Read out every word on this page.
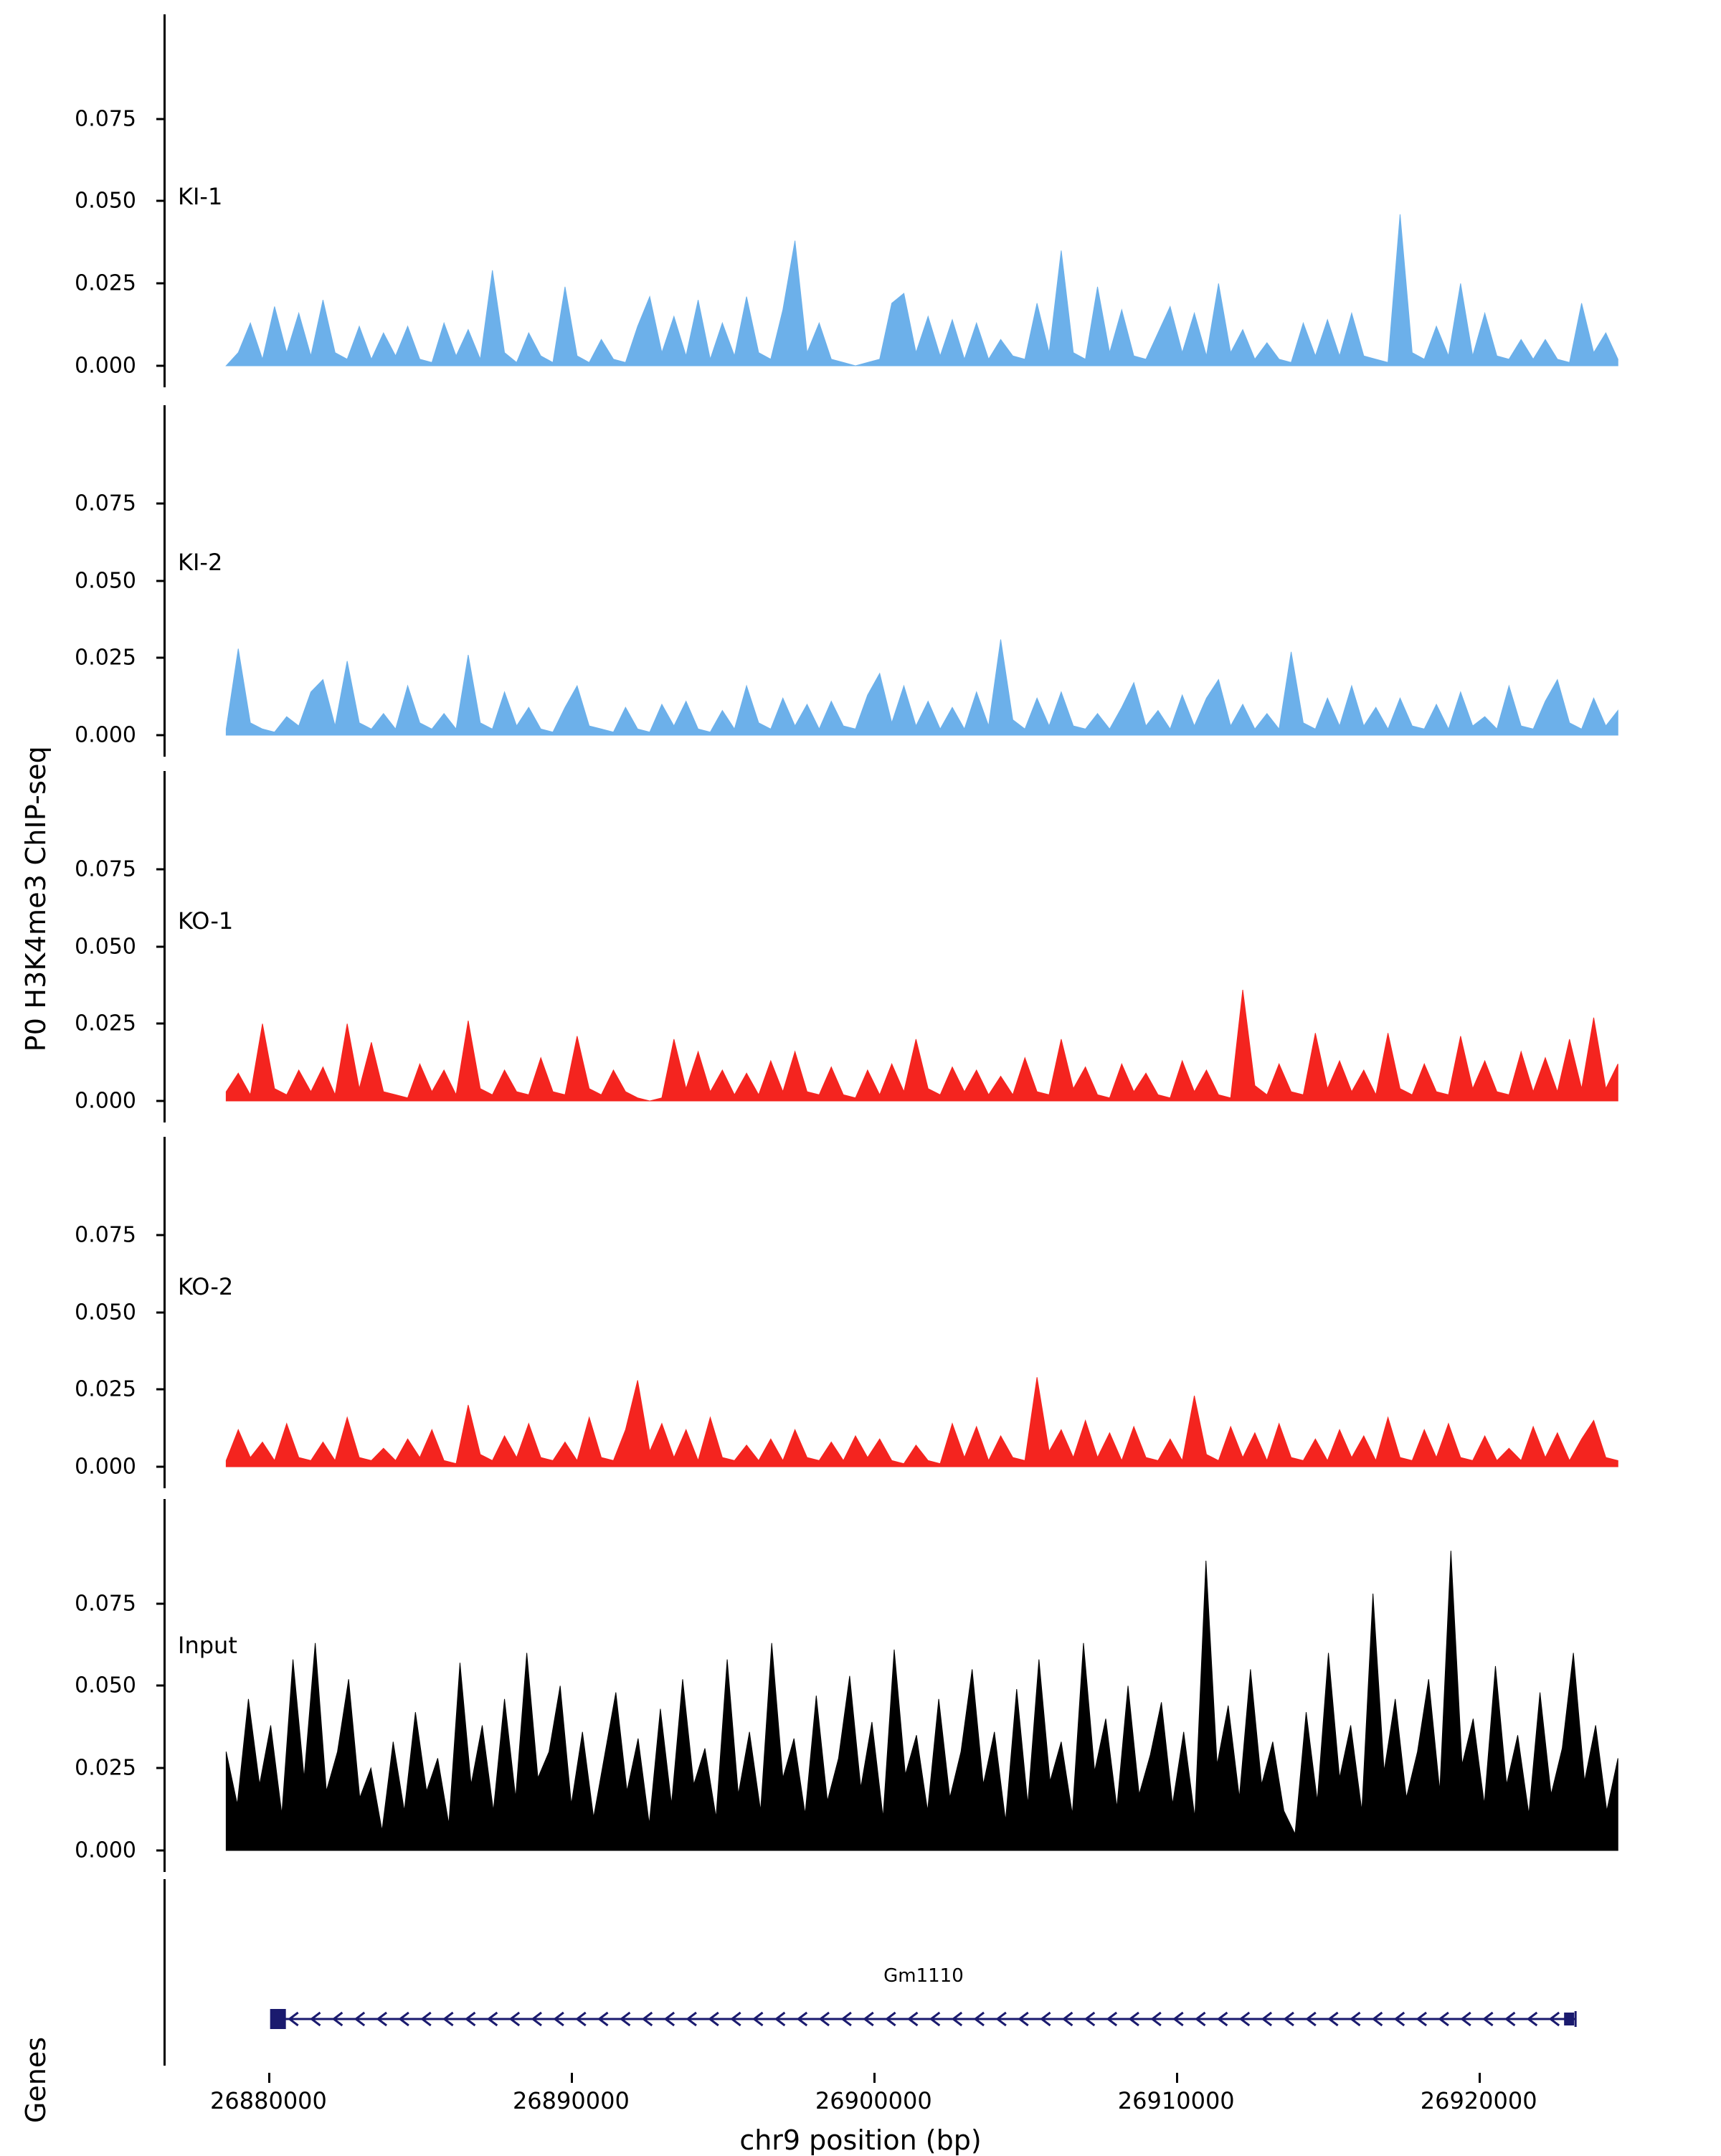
P0 H3K4me3 ChIP-seq
Genes
0.000
0.025
0.050
0.075
KI-1
0.000
0.025
0.050
0.075
KI-2
0.000
0.025
0.050
0.075
KO-1
0.000
0.025
0.050
0.075
KO-2
0.000
0.025
0.050
0.075
Input
26880000	26890000	26900000	26910000	26920000
chr9 position (bp)
Gm1110
